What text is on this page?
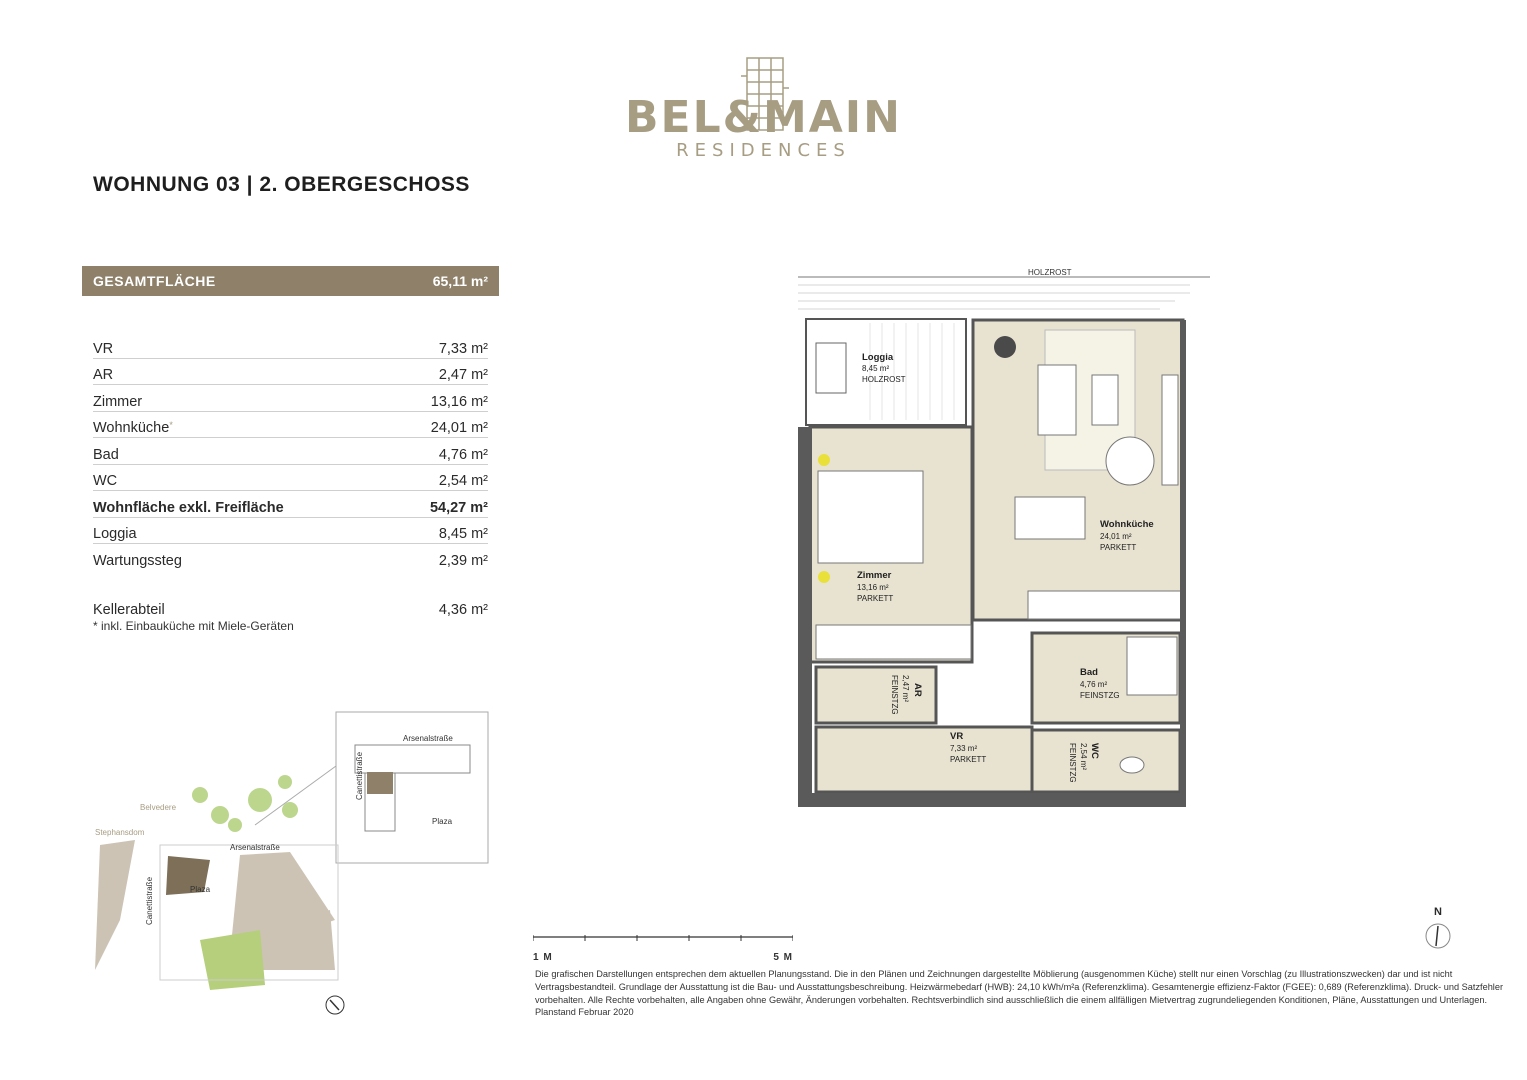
BEL&MAIN
RESIDENCES
WOHNUNG 03 | 2. OBERGESCHOSS
GESAMTFLÄCHE	65,11 m²
VR	7,33 m²
AR	2,47 m²
Zimmer	13,16 m²
Wohnküche*	24,01 m²
Bad	4,76 m²
WC	2,54 m²
Wohnfläche exkl. Freifläche	54,27 m²
Loggia	8,45 m²
Wartungssteg	2,39 m²
Kellerabteil	4,36 m²
* inkl. Einbauküche mit Miele-Geräten
HOLZROST
Loggia
8,45 m²
HOLZROST
Zimmer
13,16 m²
PARKETT
Wohnküche
24,01 m²
PARKETT
AR
2,47 m²
FEINSTZG
Bad
4,76 m²
FEINSTZG
VR
7,33 m²
PARKETT
WC
2,54 m²
FEINSTZG
1 M	5 M
Die grafischen Darstellungen entsprechen dem aktuellen Planungsstand. Die in den Plänen und Zeichnungen dargestellte Möblierung (ausgenommen Küche) stellt nur einen Vorschlag (zu Illustrationszwecken) dar und ist nicht Vertragsbestandteil. Grundlage der Ausstattung ist die Bau- und Ausstattungsbeschreibung. Heizwärmebedarf (HWB): 24,10 kWh/m²a (Referenzklima). Gesamtenergie effizienz-Faktor (FGEE): 0,689 (Referenzklima). Druck- und Satzfehler vorbehalten. Alle Rechte vorbehalten, alle Angaben ohne Gewähr, Änderungen vorbehalten. Rechtsverbindlich sind ausschließlich die einem allfälligen Mietvertrag zugrundeliegenden Konditionen, Pläne, Ausstattungen und Unterlagen. Planstand Februar 2020
N
Belvedere
Stephansdom
Arsenalstraße
Arsenalstraße
Canettistraße
Canettistraße
Plaza
Plaza
